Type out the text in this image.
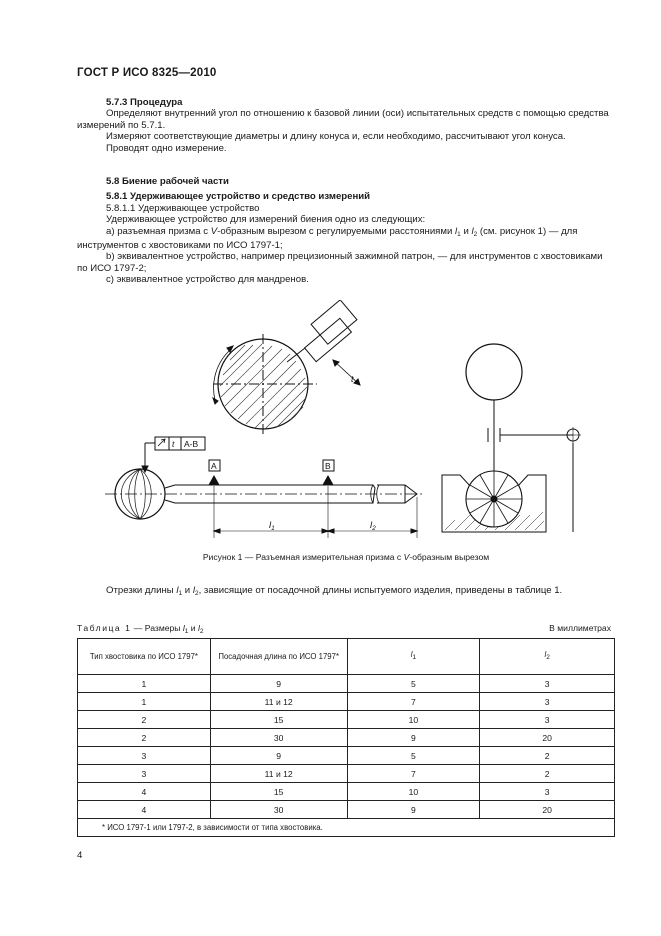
ГОСТ Р ИСО 8325—2010

5.7.3 Процедура

Определяют внутренний угол по отношению к базовой линии (оси) испытательных средств с помощью средства измерений по 5.7.1.

Измеряют соответствующие диаметры и длину конуса и, если необходимо, рассчитывают угол конуса.

Проводят одно измерение.

5.8 Биение рабочей части

5.8.1 Удерживающее устройство и средство измерений

5.8.1.1 Удерживающее устройство

Удерживающее устройство для измерений биения одно из следующих:

a) разъемная призма с V-образным вырезом с регулируемыми расстояниями $l_1$ и $l_2$ (см. рисунок 1) — для инструментов с хвостовиками по ИСО 1797-1;

b) эквивалентное устройство, например прецизионный зажимной патрон, — для инструментов с хвостовиками по ИСО 1797-2;

c) эквивалентное устройство для мандренов.

t
t A-B
A	B
$l_1$	$l_2$
Рисунок 1 — Разъемная измерительная призма с V-образным вырезом

Отрезки длины $l_1$ и $l_2$, зависящие от посадочной длины испытуемого изделия, приведены в таблице 1.

Таблица 1 — Размеры $l_1$ и $l_2$	В миллиметрах
Тип хвостовика по ИСО 1797*	Посадочная длина по ИСО 1797*	$l_1$	$l_2$
1	9	5	3
1	11 и 12	7	3
2	15	10	3
2	30	9	20
3	9	5	2
3	11 и 12	7	2
4	15	10	3
4	30	9	20
* ИСО 1797-1 или 1797-2, в зависимости от типа хвостовика.			
4
